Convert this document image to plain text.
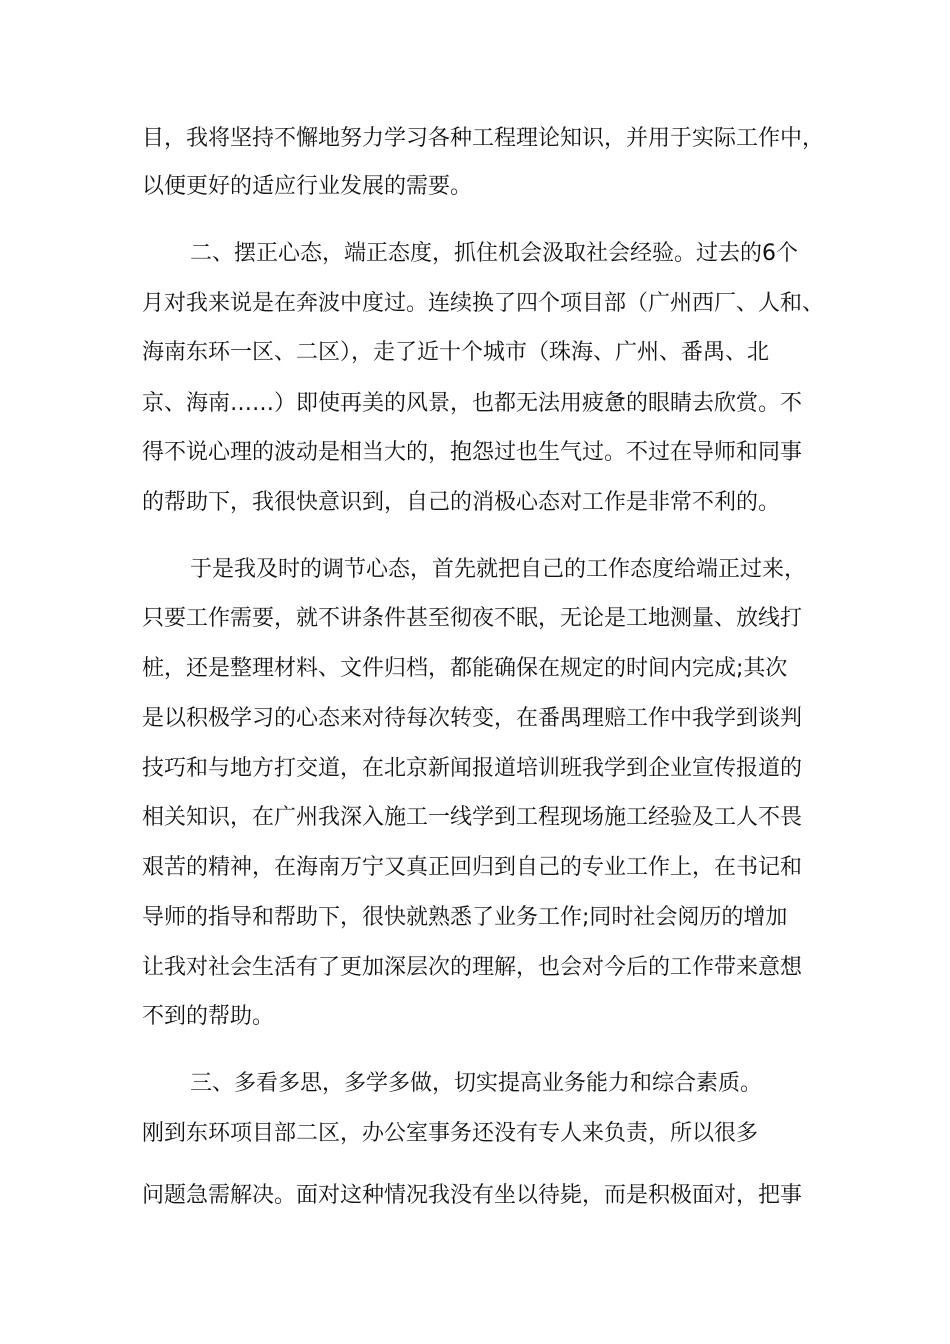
目，我将坚持不懈地努力学习各种工程理论知识，并用于实际工作中，
以便更好的适应行业发展的需要。
二、摆正心态，端正态度，抓住机会汲取社会经验。过去的6个
月对我来说是在奔波中度过。连续换了四个项目部（广州西厂、人和、
海南东环一区、二区），走了近十个城市（珠海、广州、番禺、北
京、海南……）即使再美的风景，也都无法用疲惫的眼睛去欣赏。不
得不说心理的波动是相当大的，抱怨过也生气过。不过在导师和同事
的帮助下，我很快意识到，自己的消极心态对工作是非常不利的。
于是我及时的调节心态，首先就把自己的工作态度给端正过来，
只要工作需要，就不讲条件甚至彻夜不眠，无论是工地测量、放线打
桩，还是整理材料、文件归档，都能确保在规定的时间内完成;其次
是以积极学习的心态来对待每次转变，在番禺理赔工作中我学到谈判
技巧和与地方打交道，在北京新闻报道培训班我学到企业宣传报道的
相关知识，在广州我深入施工一线学到工程现场施工经验及工人不畏
艰苦的精神，在海南万宁又真正回归到自己的专业工作上，在书记和
导师的指导和帮助下，很快就熟悉了业务工作;同时社会阅历的增加
让我对社会生活有了更加深层次的理解，也会对今后的工作带来意想
不到的帮助。
三、多看多思，多学多做，切实提高业务能力和综合素质。
刚到东环项目部二区，办公室事务还没有专人来负责，所以很多
问题急需解决。面对这种情况我没有坐以待毙，而是积极面对，把事
